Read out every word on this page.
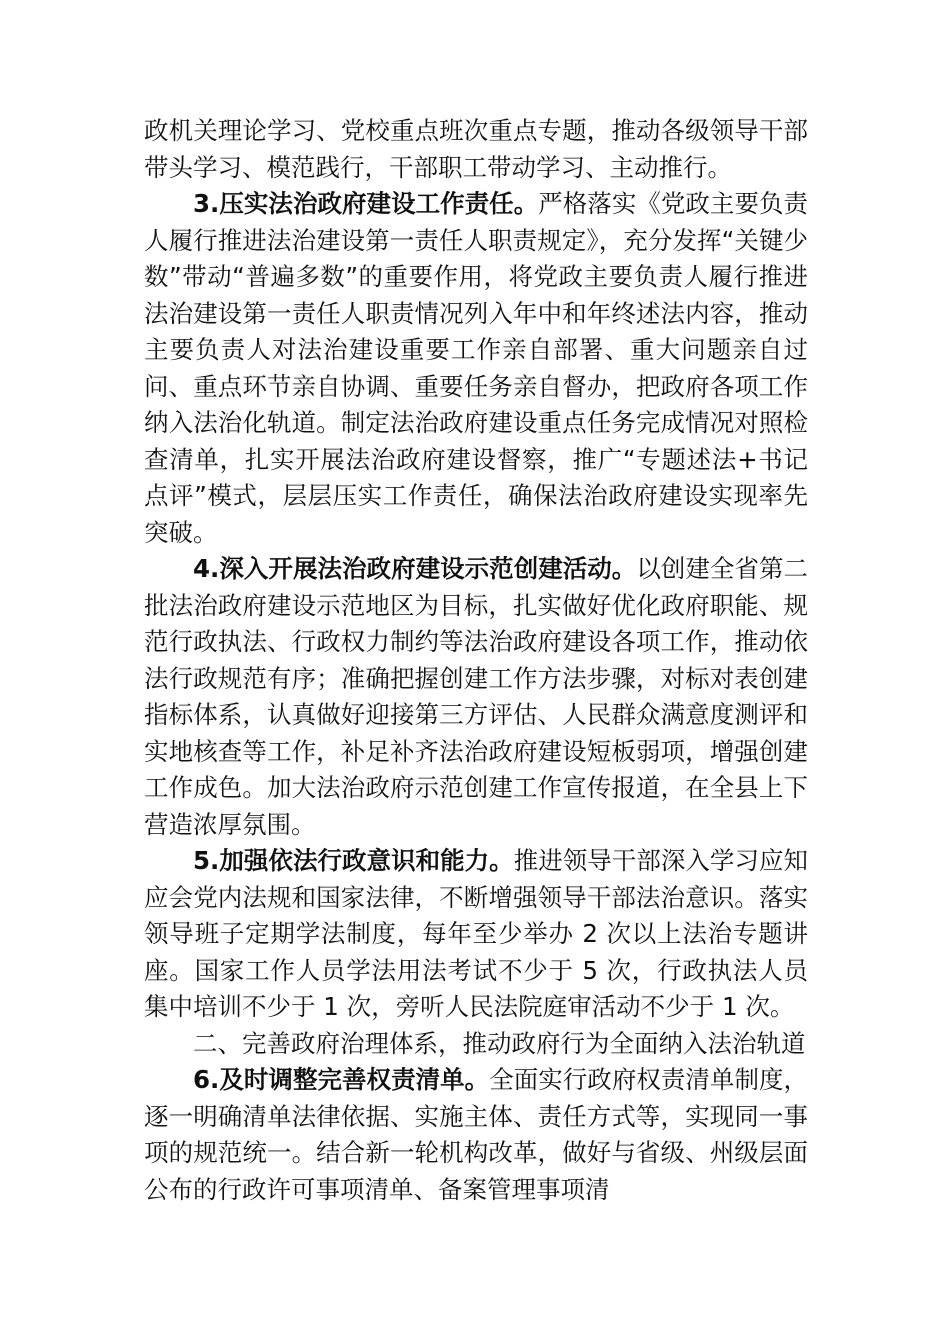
政机关理论学习、党校重点班次重点专题，推动各级领导干部带头学习、模范践行，干部职工带动学习、主动推行。

3.压实法治政府建设工作责任。严格落实《党政主要负责人履行推进法治建设第一责任人职责规定》，充分发挥“关键少数”带动“普遍多数”的重要作用，将党政主要负责人履行推进法治建设第一责任人职责情况列入年中和年终述法内容，推动主要负责人对法治建设重要工作亲自部署、重大问题亲自过问、重点环节亲自协调、重要任务亲自督办，把政府各项工作纳入法治化轨道。制定法治政府建设重点任务完成情况对照检查清单，扎实开展法治政府建设督察，推广“专题述法+书记点评”模式，层层压实工作责任，确保法治政府建设实现率先突破。

4.深入开展法治政府建设示范创建活动。以创建全省第二批法治政府建设示范地区为目标，扎实做好优化政府职能、规范行政执法、行政权力制约等法治政府建设各项工作，推动依法行政规范有序；准确把握创建工作方法步骤，对标对表创建指标体系，认真做好迎接第三方评估、人民群众满意度测评和实地核查等工作，补足补齐法治政府建设短板弱项，增强创建工作成色。加大法治政府示范创建工作宣传报道，在全县上下营造浓厚氛围。

5.加强依法行政意识和能力。推进领导干部深入学习应知应会党内法规和国家法律，不断增强领导干部法治意识。落实领导班子定期学法制度，每年至少举办 2 次以上法治专题讲座。国家工作人员学法用法考试不少于 5 次，行政执法人员集中培训不少于 1 次，旁听人民法院庭审活动不少于 1 次。

二、完善政府治理体系，推动政府行为全面纳入法治轨道

6.及时调整完善权责清单。全面实行政府权责清单制度，逐一明确清单法律依据、实施主体、责任方式等，实现同一事项的规范统一。结合新一轮机构改革，做好与省级、州级层面公布的行政许可事项清单、备案管理事项清
